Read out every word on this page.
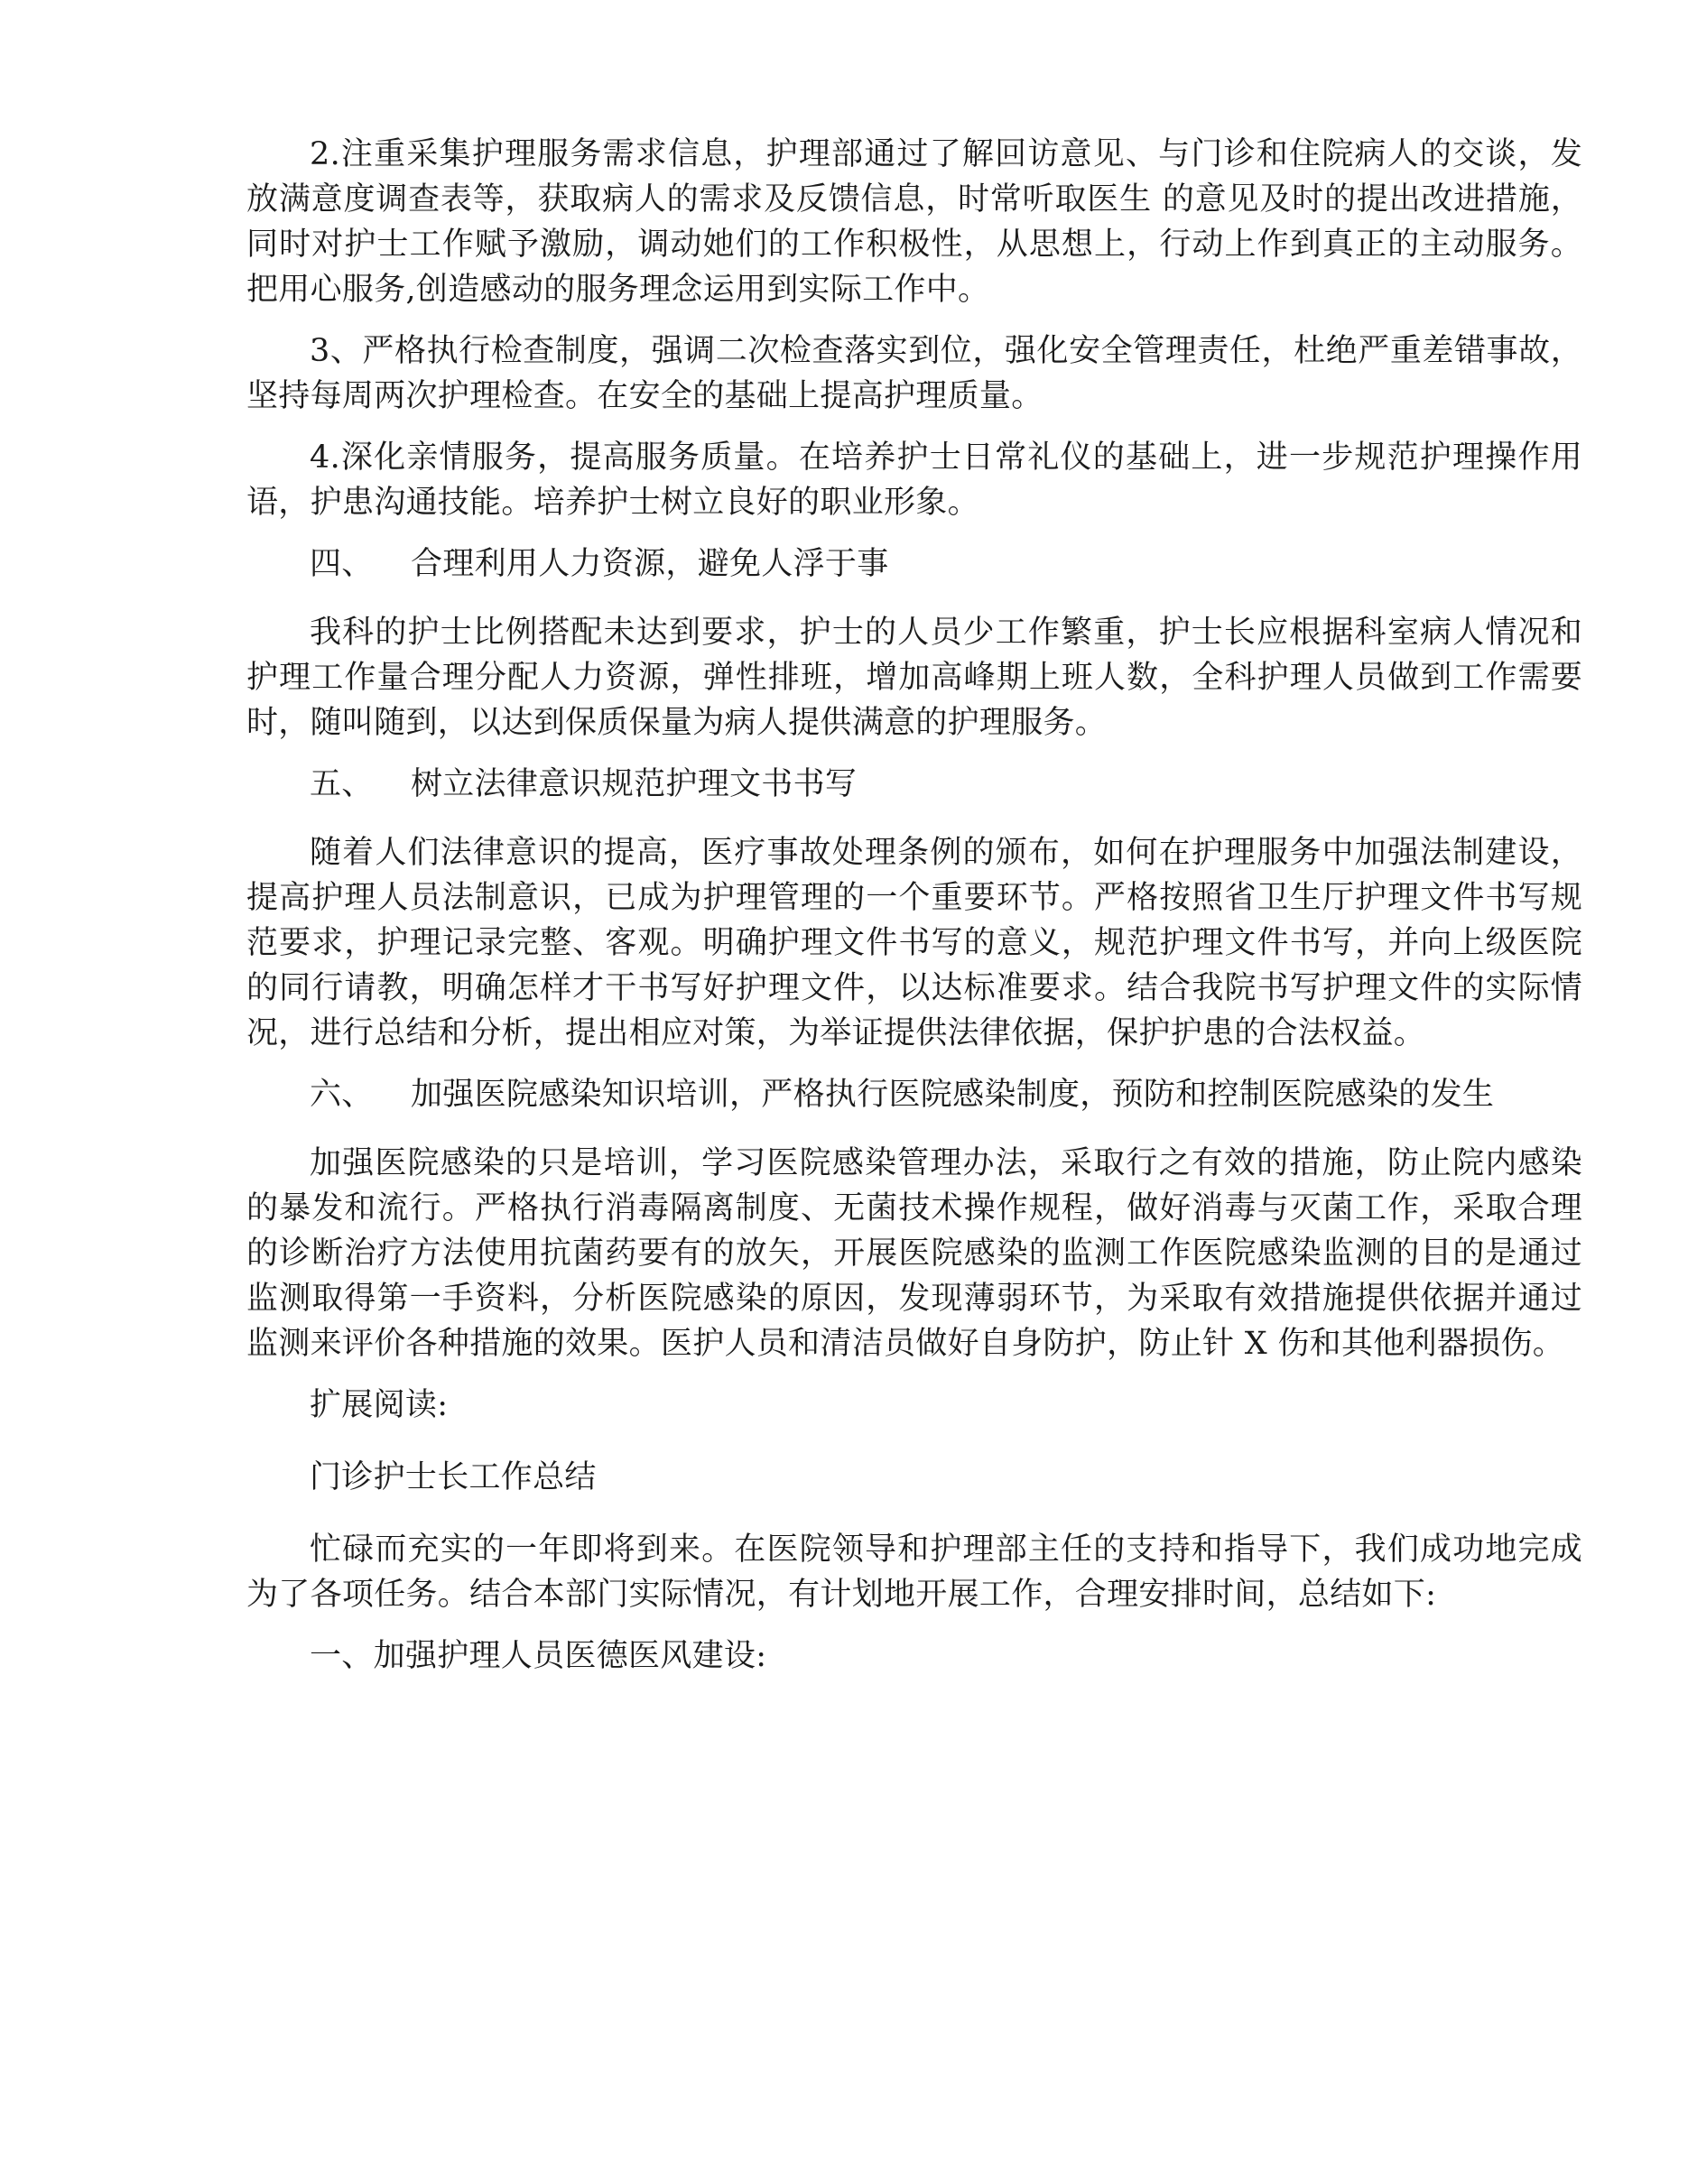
2.注重采集护理服务需求信息，护理部通过了解回访意见、与门诊和住院病人的交谈，发放满意度调查表等，获取病人的需求及反馈信息，时常听取医生 的意见及时的提出改进措施，同时对护士工作赋予激励，调动她们的工作积极性，从思想上，行动上作到真正的主动服务。把用心服务,创造感动的服务理念运用到实际工作中。

3、严格执行检查制度，强调二次检查落实到位，强化安全管理责任，杜绝严重差错事故，坚持每周两次护理检查。在安全的基础上提高护理质量。

4.深化亲情服务，提高服务质量。在培养护士日常礼仪的基础上，进一步规范护理操作用语，护患沟通技能。培养护士树立良好的职业形象。

四、 合理利用人力资源，避免人浮于事

我科的护士比例搭配未达到要求，护士的人员少工作繁重，护士长应根据科室病人情况和护理工作量合理分配人力资源，弹性排班，增加高峰期上班人数，全科护理人员做到工作需要时，随叫随到，以达到保质保量为病人提供满意的护理服务。

五、 树立法律意识规范护理文书书写

随着人们法律意识的提高，医疗事故处理条例的颁布，如何在护理服务中加强法制建设，提高护理人员法制意识，已成为护理管理的一个重要环节。严格按照省卫生厅护理文件书写规范要求，护理记录完整、客观。明确护理文件书写的意义，规范护理文件书写，并向上级医院的同行请教，明确怎样才干书写好护理文件，以达标准要求。结合我院书写护理文件的实际情况，进行总结和分析，提出相应对策，为举证提供法律依据，保护护患的合法权益。

六、 加强医院感染知识培训，严格执行医院感染制度，预防和控制医院感染的发生

加强医院感染的只是培训，学习医院感染管理办法，采取行之有效的措施，防止院内感染的暴发和流行。严格执行消毒隔离制度、无菌技术操作规程，做好消毒与灭菌工作，采取合理的诊断治疗方法使用抗菌药要有的放矢，开展医院感染的监测工作医院感染监测的目的是通过监测取得第一手资料，分析医院感染的原因，发现薄弱环节，为采取有效措施提供依据并通过监测来评价各种措施的效果。医护人员和清洁员做好自身防护，防止针 X 伤和其他利器损伤。

扩展阅读:
门诊护士长工作总结

忙碌而充实的一年即将到来。在医院领导和护理部主任的支持和指导下，我们成功地完成为了各项任务。结合本部门实际情况，有计划地开展工作，合理安排时间，总结如下:

一、加强护理人员医德医风建设:
